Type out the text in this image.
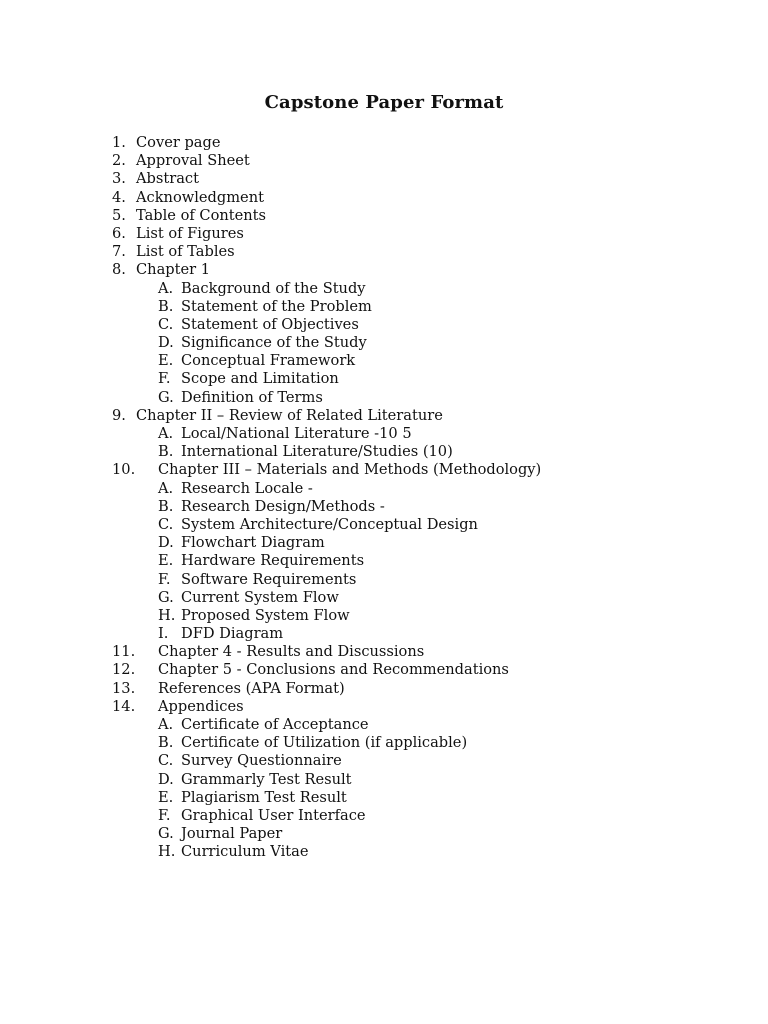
Capstone Paper Format
1. Cover page
2. Approval Sheet
3. Abstract
4. Acknowledgment
5. Table of Contents
6. List of Figures
7. List of Tables
8. Chapter 1
A. Background of the Study
B. Statement of the Problem
C. Statement of Objectives
D. Significance of the Study
E. Conceptual Framework
F. Scope and Limitation
G. Definition of Terms
9. Chapter II – Review of Related Literature
A. Local/National Literature -10 5
B. International Literature/Studies (10)
10. Chapter III – Materials and Methods (Methodology)
A. Research Locale -
B. Research Design/Methods -
C. System Architecture/Conceptual Design
D. Flowchart Diagram
E. Hardware Requirements
F. Software Requirements
G. Current System Flow
H. Proposed System Flow
I. DFD Diagram
11. Chapter 4 - Results and Discussions
12. Chapter 5 - Conclusions and Recommendations
13. References (APA Format)
14. Appendices
A. Certificate of Acceptance
B. Certificate of Utilization (if applicable)
C. Survey Questionnaire
D. Grammarly Test Result
E. Plagiarism Test Result
F. Graphical User Interface
G. Journal Paper
H. Curriculum Vitae
